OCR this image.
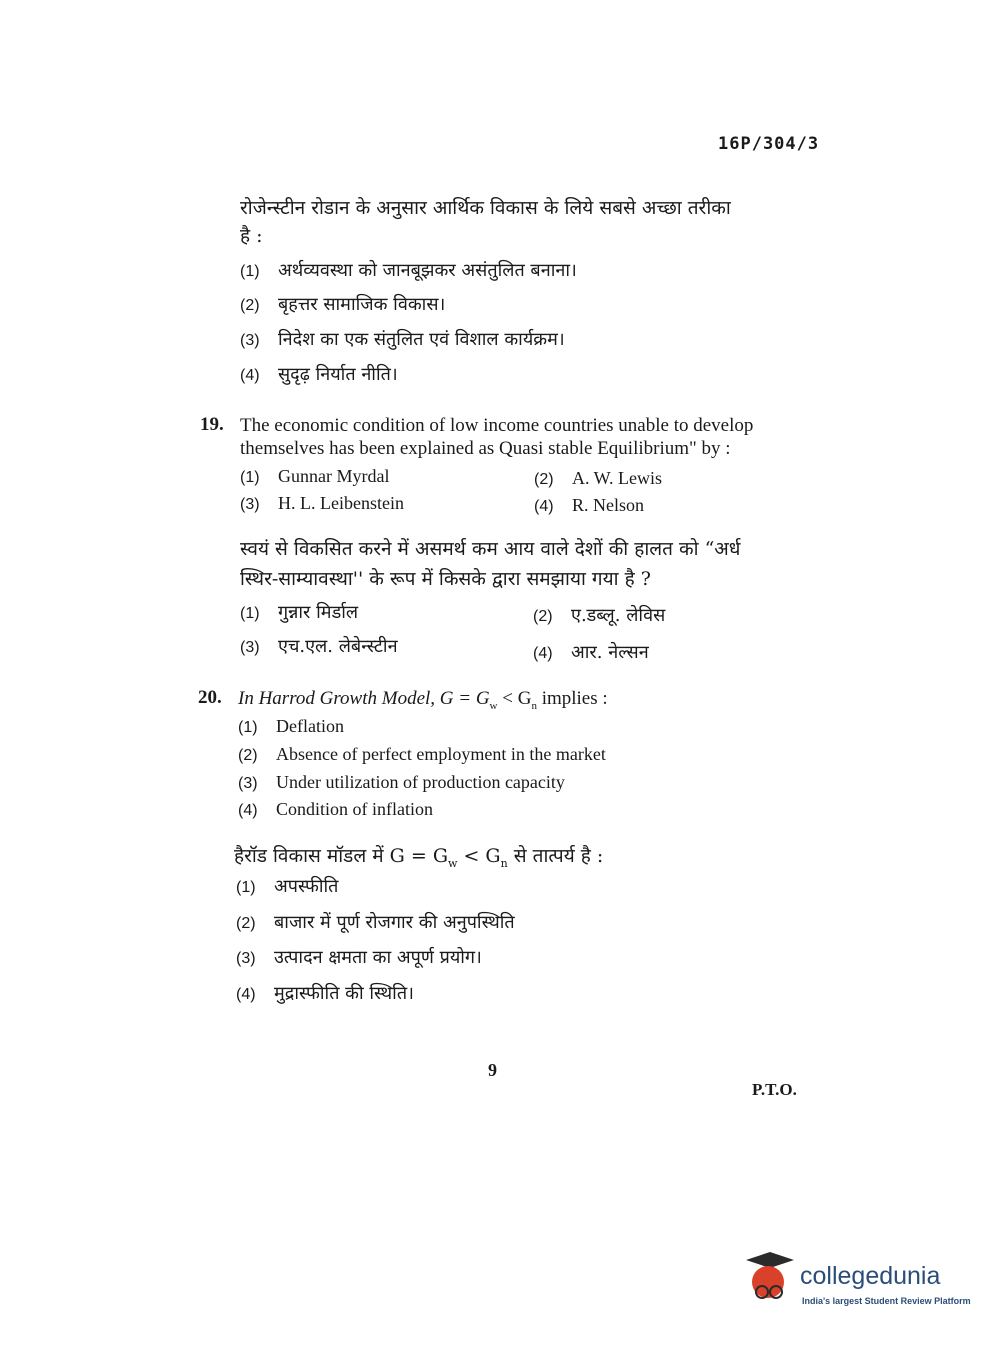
16P/304/3
रोजेन्स्टीन रोडान के अनुसार आर्थिक विकास के लिये सबसे अच्छा तरीका
है :
(1) अर्थव्यवस्था को जानबूझकर असंतुलित बनाना।
(2) बृहत्तर सामाजिक विकास।
(3) निदेश का एक संतुलित एवं विशाल कार्यक्रम।
(4) सुदृढ़ निर्यात नीति।
19. The economic condition of low income countries unable to develop
themselves has been explained as Quasi stable Equilibrium" by :
(1) Gunnar Myrdal	(2) A. W. Lewis
(3) H. L. Leibenstein	(4) R. Nelson
स्वयं से विकसित करने में असमर्थ कम आय वाले देशों की हालत को “अर्ध
स्थिर-साम्यावस्था'' के रूप में किसके द्वारा समझाया गया है ?
(1) गुन्नार मिर्डाल	(2) ए.डब्लू. लेविस
(3) एच.एल. लेबेन्स्टीन	(4) आर. नेल्सन
20. In Harrod Growth Model, $G = G_w < G_n$ implies :
(1) Deflation
(2) Absence of perfect employment in the market
(3) Under utilization of production capacity
(4) Condition of inflation
हैरॉड विकास मॉडल में $G = G_w < G_n$ से तात्पर्य है :
(1) अपस्फीति
(2) बाजार में पूर्ण रोजगार की अनुपस्थिति
(3) उत्पादन क्षमता का अपूर्ण प्रयोग।
(4) मुद्रास्फीति की स्थिति।
9
P.T.O.
collegedunia
India's largest Student Review Platform
